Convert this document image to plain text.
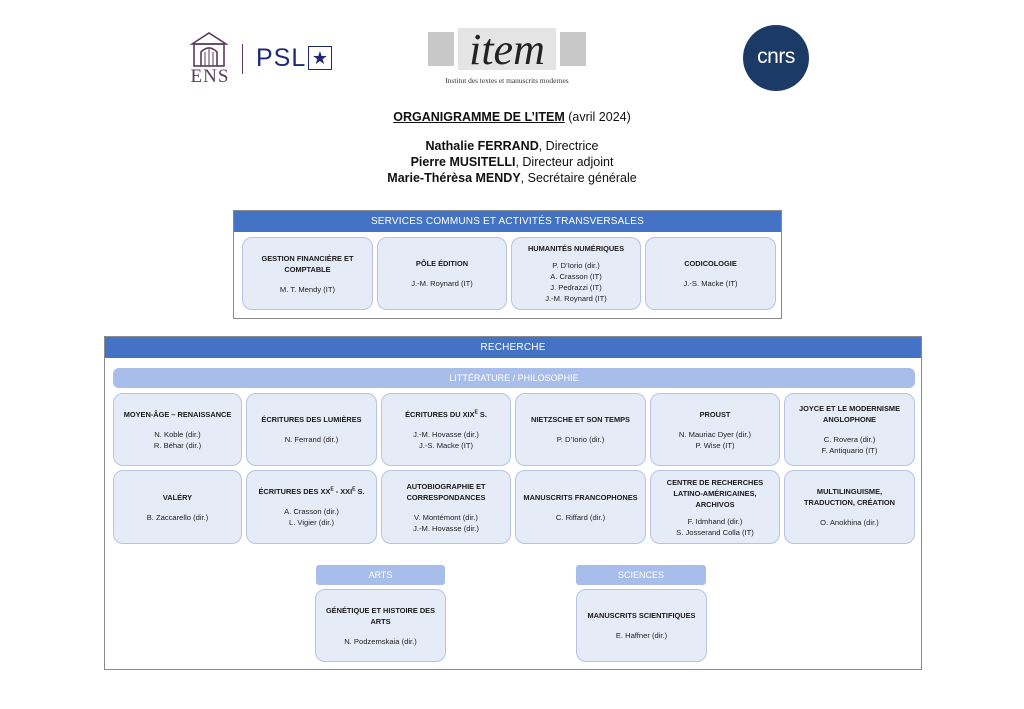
ENS
PSL ★	item
Institut des textes et manuscrits modernes
cnrs
ORGANIGRAMME DE L’ITEM (avril 2024)
Nathalie FERRAND, Directrice
Pierre MUSITELLI, Directeur adjoint
Marie-Thérèsa MENDY, Secrétaire générale
SERVICES COMMUNS ET ACTIVITÉS TRANSVERSALES
GESTION FINANCIÈRE ET COMPTABLE
M. T. Mendy (IT)
PÔLE ÉDITION
J.-M. Roynard (IT)
HUMANITÉS NUMÉRIQUES
P. D’Iorio (dir.)
A. Crasson (IT)
J. Pedrazzi (IT)
J.-M. Roynard (IT)
CODICOLOGIE
J.-S. Macke (IT)
RECHERCHE
LITTÉRATURE / PHILOSOPHIE
MOYEN-ÂGE – RENAISSANCE
N. Koble (dir.)
R. Béhar (dir.)
ÉCRITURES DES LUMIÈRES
N. Ferrand (dir.)
ÉCRITURES DU $XIX^E$ S.
J.-M. Hovasse (dir.)
J.-S. Macke (IT)
NIETZSCHE ET SON TEMPS
P. D’Iorio (dir.)
PROUST
N. Mauriac Dyer (dir.)
P. Wise (IT)
JOYCE ET LE MODERNISME ANGLOPHONE
C. Rovera (dir.)
F. Antiquario (IT)
VALÉRY
B. Zaccarello (dir.)
ÉCRITURES DES $XX^E - XXI^E$ S.
A. Crasson (dir.)
L. Vigier (dir.)
AUTOBIOGRAPHIE ET CORRESPONDANCES
V. Montémont (dir.)
J.-M. Hovasse (dir.)
MANUSCRITS FRANCOPHONES
C. Riffard (dir.)
CENTRE DE RECHERCHES LATINO-AMÉRICAINES, ARCHIVOS
F. Idmhand (dir.)
S. Josserand Colla (IT)
MULTILINGUISME, TRADUCTION, CRÉATION
O. Anokhina (dir.)
ARTS
GÉNÉTIQUE ET HISTOIRE DES ARTS
N. Podzemskaia (dir.)
SCIENCES
MANUSCRITS SCIENTIFIQUES
E. Haffner (dir.)
